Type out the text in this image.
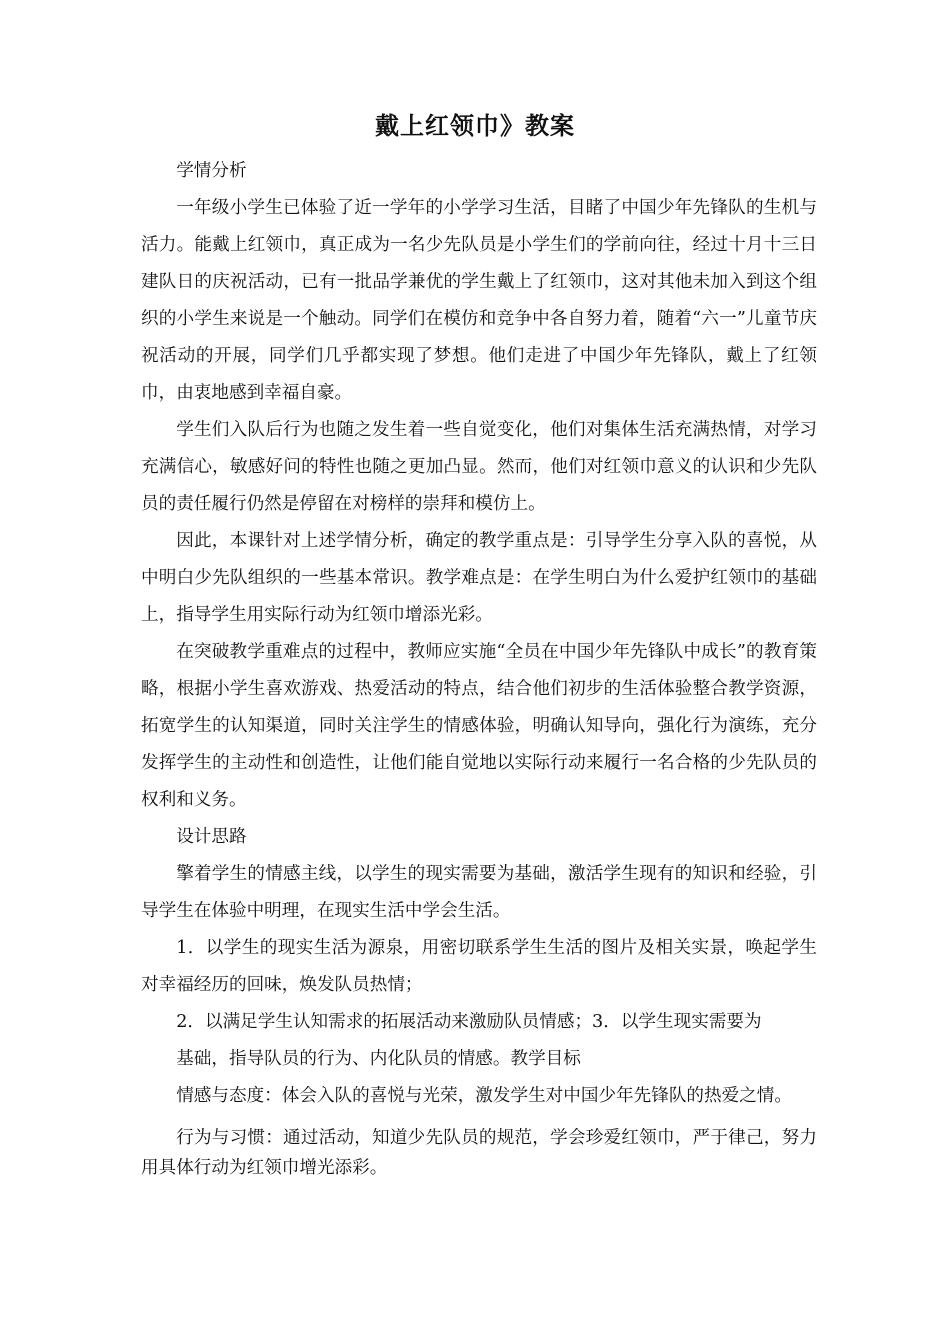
戴上红领巾》教案

学情分析

一年级小学生已体验了近一学年的小学学习生活，目睹了中国少年先锋队的生机与活力。能戴上红领巾，真正成为一名少先队员是小学生们的学前向往，经过十月十三日建队日的庆祝活动，已有一批品学兼优的学生戴上了红领巾，这对其他未加入到这个组织的小学生来说是一个触动。同学们在模仿和竞争中各自努力着，随着“六一”儿童节庆祝活动的开展，同学们几乎都实现了梦想。他们走进了中国少年先锋队，戴上了红领巾，由衷地感到幸福自豪。

学生们入队后行为也随之发生着一些自觉变化，他们对集体生活充满热情，对学习充满信心，敏感好问的特性也随之更加凸显。然而，他们对红领巾意义的认识和少先队员的责任履行仍然是停留在对榜样的崇拜和模仿上。

因此，本课针对上述学情分析，确定的教学重点是：引导学生分享入队的喜悦，从中明白少先队组织的一些基本常识。教学难点是：在学生明白为什么爱护红领巾的基础上，指导学生用实际行动为红领巾增添光彩。

在突破教学重难点的过程中，教师应实施“全员在中国少年先锋队中成长”的教育策略，根据小学生喜欢游戏、热爱活动的特点，结合他们初步的生活体验整合教学资源，拓宽学生的认知渠道，同时关注学生的情感体验，明确认知导向，强化行为演练，充分发挥学生的主动性和创造性，让他们能自觉地以实际行动来履行一名合格的少先队员的权利和义务。

设计思路

擎着学生的情感主线，以学生的现实需要为基础，激活学生现有的知识和经验，引导学生在体验中明理，在现实生活中学会生活。

1．以学生的现实生活为源泉，用密切联系学生生活的图片及相关实景，唤起学生对幸福经历的回味，焕发队员热情；

2．以满足学生认知需求的拓展活动来激励队员情感；3．以学生现实需要为

基础，指导队员的行为、内化队员的情感。教学目标

情感与态度：体会入队的喜悦与光荣，激发学生对中国少年先锋队的热爱之情。

行为与习惯：通过活动，知道少先队员的规范，学会珍爱红领巾，严于律己，努力用具体行动为红领巾增光添彩。
